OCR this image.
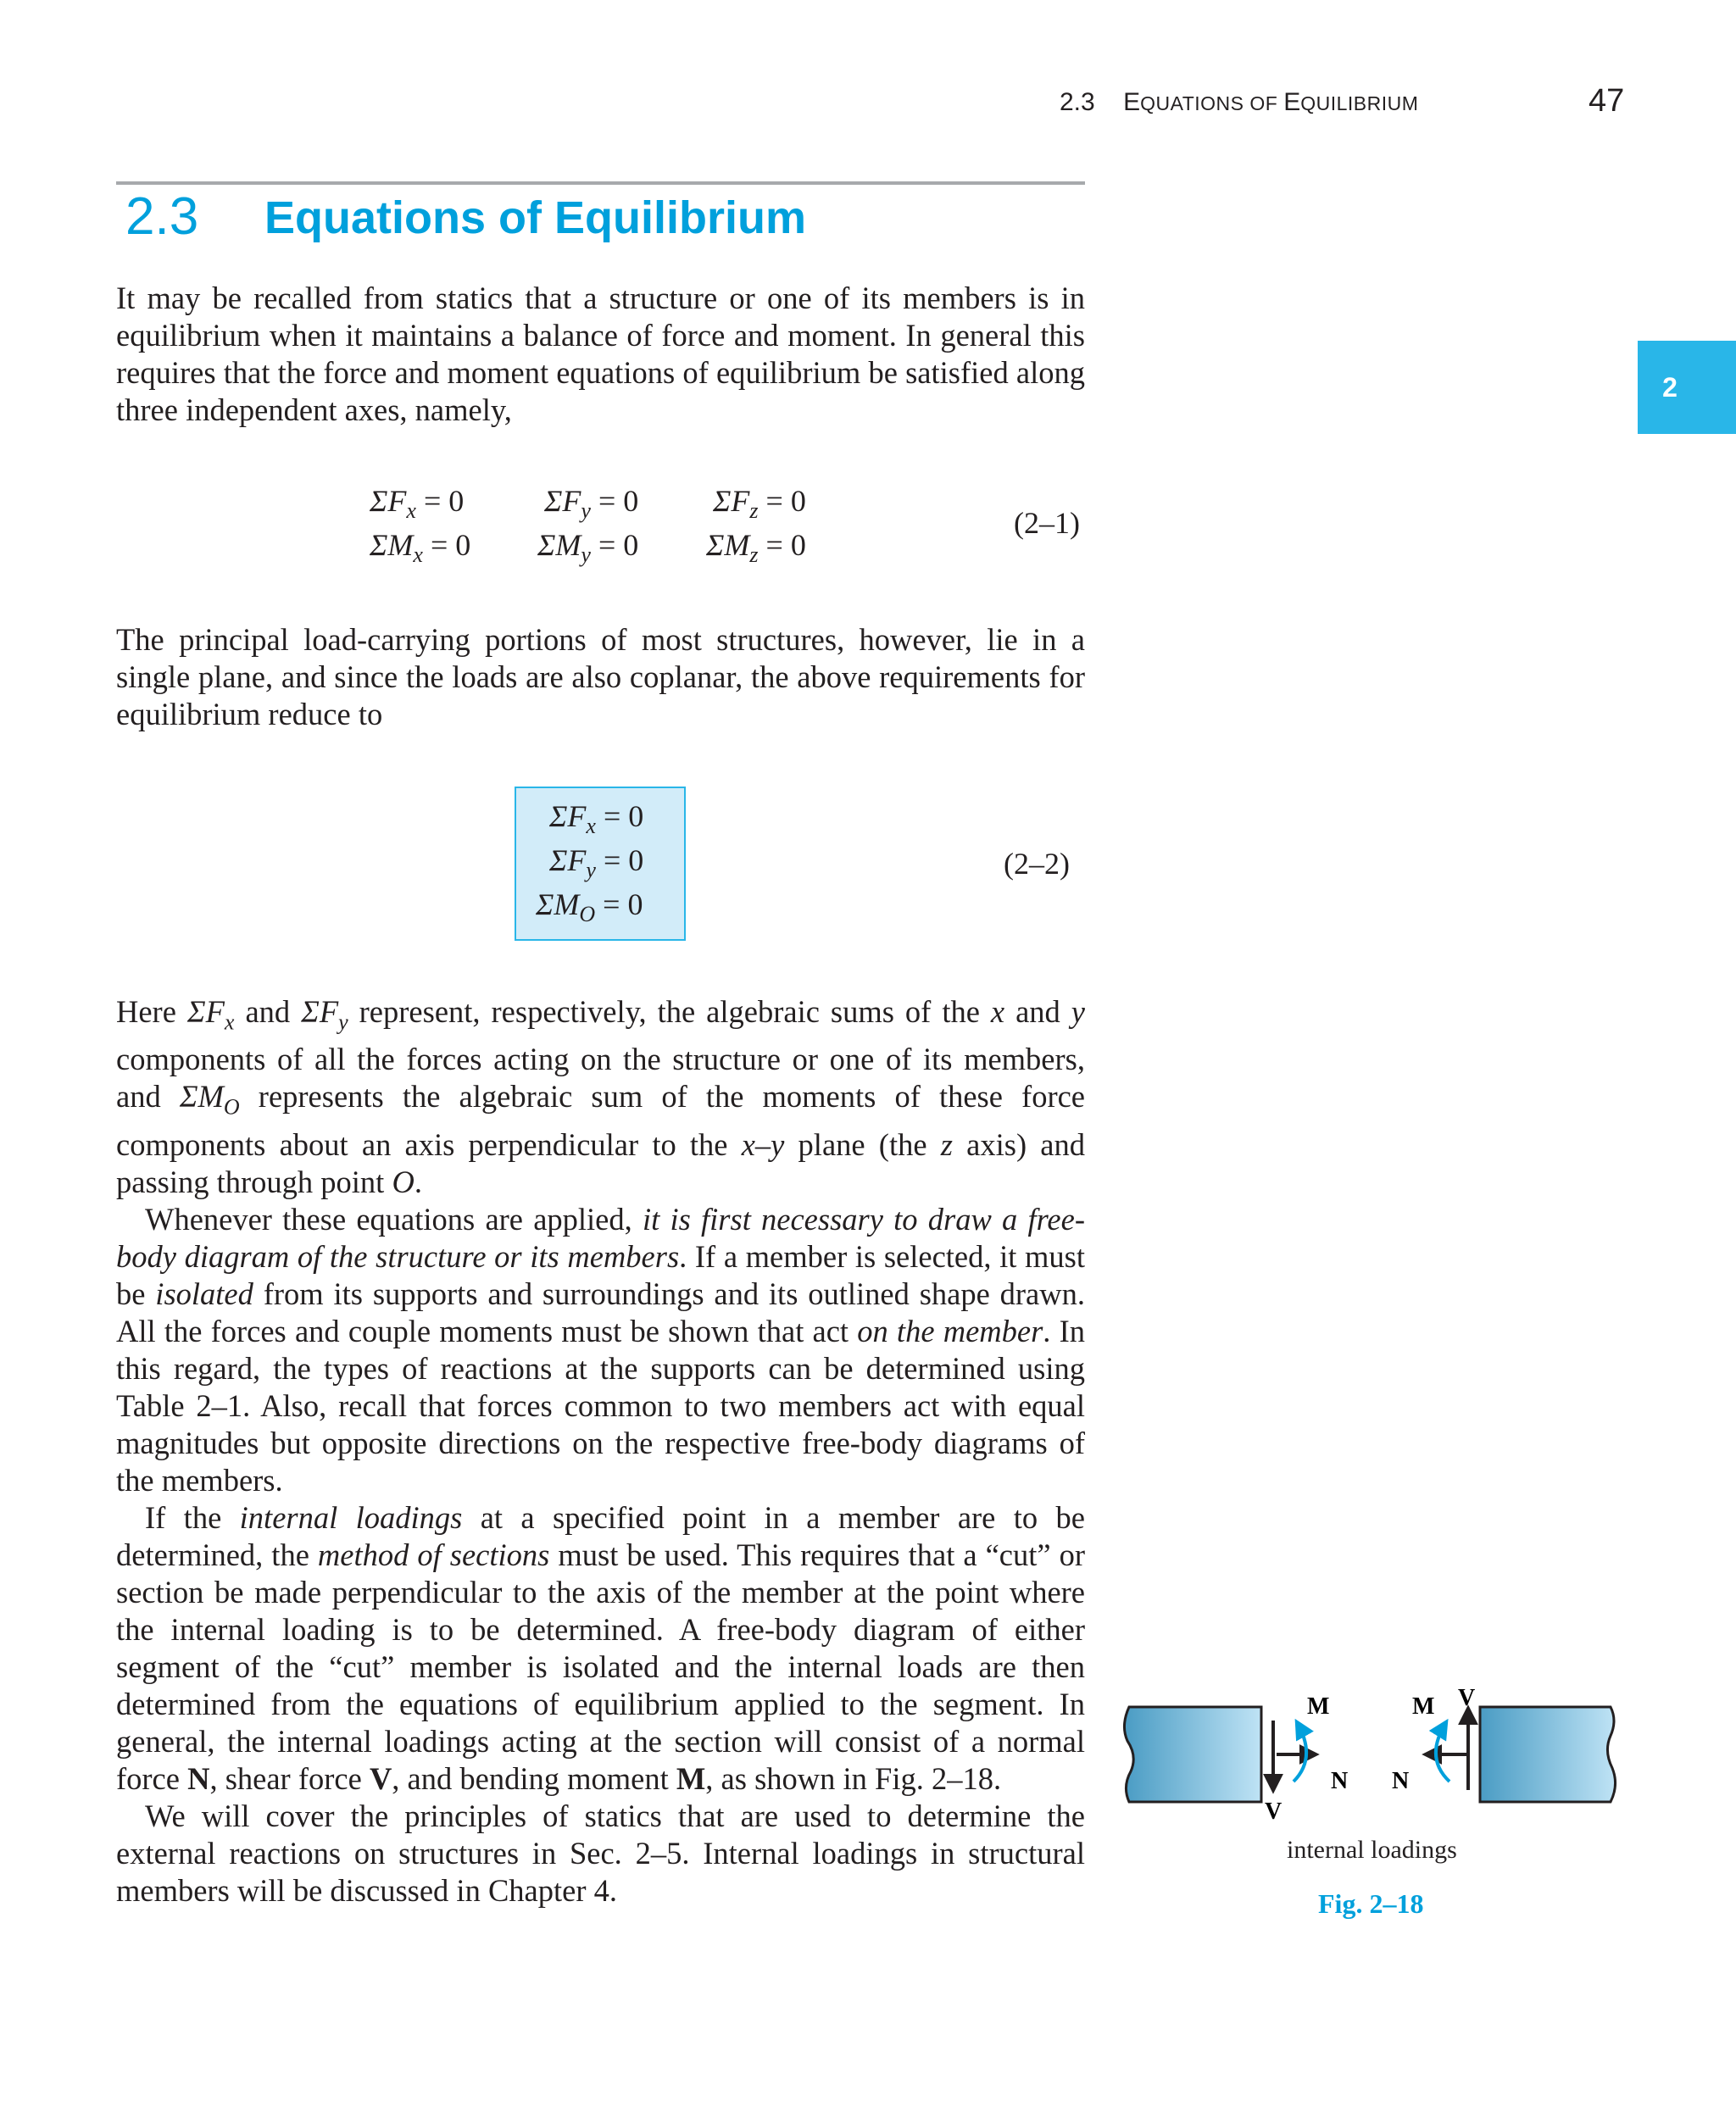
2.3 EQUATIONS OF EQUILIBRIUM	47
2
2.3 Equations of Equilibrium

It may be recalled from statics that a structure or one of its members is in equilibrium when it maintains a balance of force and moment. In general this requires that the force and moment equations of equilibrium be satisfied along three independent axes, namely,

$\Sigma F_x = 0$	$\Sigma F_y = 0$ $\Sigma F_z = 0$
$\Sigma M_x = 0$ $\Sigma M_y = 0$ $\Sigma M_z = 0$
(2–1)

The principal load-carrying portions of most structures, however, lie in a single plane, and since the loads are also coplanar, the above requirements for equilibrium reduce to

$\Sigma F_x = 0$
$\Sigma F_y = 0$
$\Sigma M_O = 0$
(2–2)

Here $\Sigma F_x$ and $\Sigma F_y$ represent, respectively, the algebraic sums of the x and y components of all the forces acting on the structure or one of its members, and $\Sigma M_O$ represents the algebraic sum of the moments of these force components about an axis perpendicular to the x–y plane (the z axis) and passing through point O.

Whenever these equations are applied, it is first necessary to draw a free-body diagram of the structure or its members. If a member is selected, it must be isolated from its supports and surroundings and its outlined shape drawn. All the forces and couple moments must be shown that act on the member. In this regard, the types of reactions at the supports can be determined using Table 2–1. Also, recall that forces common to two members act with equal magnitudes but opposite directions on the respective free-body diagrams of the members.

If the internal loadings at a specified point in a member are to be determined, the method of sections must be used. This requires that a “cut” or section be made perpendicular to the axis of the member at the point where the internal loading is to be determined. A free-body diagram of either segment of the “cut” member is isolated and the internal loads are then determined from the equations of equilibrium applied to the segment. In general, the internal loadings acting at the section will consist of a normal force N, shear force V, and bending moment M, as shown in Fig. 2–18.

We will cover the principles of statics that are used to determine the external reactions on structures in Sec. 2–5. Internal loadings in structural members will be discussed in Chapter 4.

M	M V
V
N N
internal loadings
Fig. 2–18
